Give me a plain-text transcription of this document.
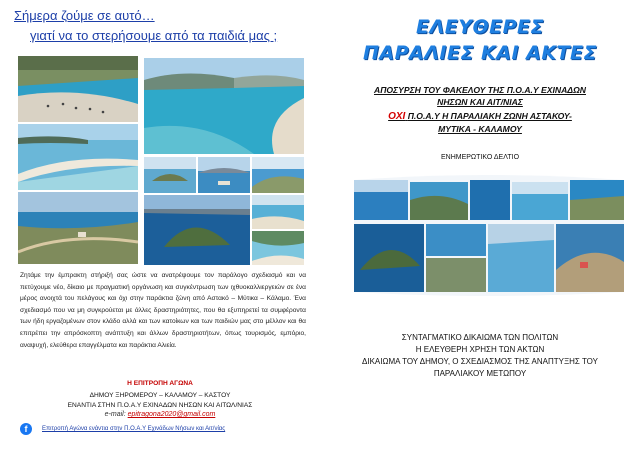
Σήμερα ζούμε σε αυτό…
γιατί να το στερήσουμε από τα παιδιά μας ;
Ζητάμε την έμπρακτη στήριξή σας ώστε να ανατρέψουμε τον παράλογο σχεδιασμό και να πετύχουμε νέο, δίκαιο με πραγματική οργάνωση και συγκέντρωση των ιχθυοκαλλιεργειών σε ένα μέρος ανοιχτά του πελάγους και όχι στην παράκτια ζώνη από Αστακό – Μύτικα – Κάλαμο. Ένα σχεδιασμό που να μη συγκρούεται με άλλες δραστηριότητες, που θα εξυπηρετεί τα συμφέροντα των ήδη εργαζομένων στον κλάδο αλλά και των κατοίκων και των παιδιών μας στο μέλλον και θα επιτρέπει την απρόσκοπτη ανάπτυξη και άλλων δραστηριοτήτων, όπως τουρισμός, εμπόριο, αναψυχή, ελεύθερα επαγγέλματα και παράκτια Αλιεία.
Η ΕΠΙΤΡΟΠΗ ΑΓΩΝΑ
ΔΗΜΟΥ ΞΗΡΟΜΕΡΟΥ – ΚΑΛΑΜΟΥ – ΚΑΣΤΟΥ
ΕΝΑΝΤΙΑ ΣΤΗΝ Π.Ο.Α.Υ ΕΧΙΝΑΔΩΝ ΝΗΣΩΝ ΚΑΙ ΑΙΤΩΛ/ΝΙΑΣ
e-mail: epitragona2020@gmail.com
f	Επιτροπή Αγώνα ενάντια στην Π.Ο.Α.Υ Εχινάδων Νήσων και Αιτ/νίας
ΕΛΕΥΘΕΡΕΣ
ΠΑΡΑΛΙΕΣ ΚΑΙ ΑΚΤΕΣ
ΑΠΟΣΥΡΣΗ ΤΟΥ ΦΑΚΕΛΟΥ ΤΗΣ Π.Ο.Α.Υ ΕΧΙΝΑΔΩΝ
ΝΗΣΩΝ ΚΑΙ ΑΙΤ/ΝΙΑΣ
ΟΧΙ Π.Ο.Α.Υ Η ΠΑΡΑΛΙΑΚΗ ΖΩΝΗ ΑΣΤΑΚΟΥ-
ΜΥΤΙΚΑ - ΚΑΛΑΜΟΥ
ΕΝΗΜΕΡΩΤΙΚΟ ΔΕΛΤΙΟ
ΣΥΝΤΑΓΜΑΤΙΚΟ ΔΙΚΑΙΩΜΑ ΤΩΝ ΠΟΛΙΤΩΝ
Η ΕΛΕΥΘΕΡΗ ΧΡΗΣΗ ΤΩΝ ΑΚΤΩΝ
ΔΙΚΑΙΩΜΑ ΤΟΥ ΔΗΜΟΥ, Ο ΣΧΕΔΙΑΣΜΟΣ ΤΗΣ ΑΝΑΠΤΥΞΗΣ ΤΟΥ
ΠΑΡΑΛΙΑΚΟΥ ΜΕΤΩΠΟΥ
